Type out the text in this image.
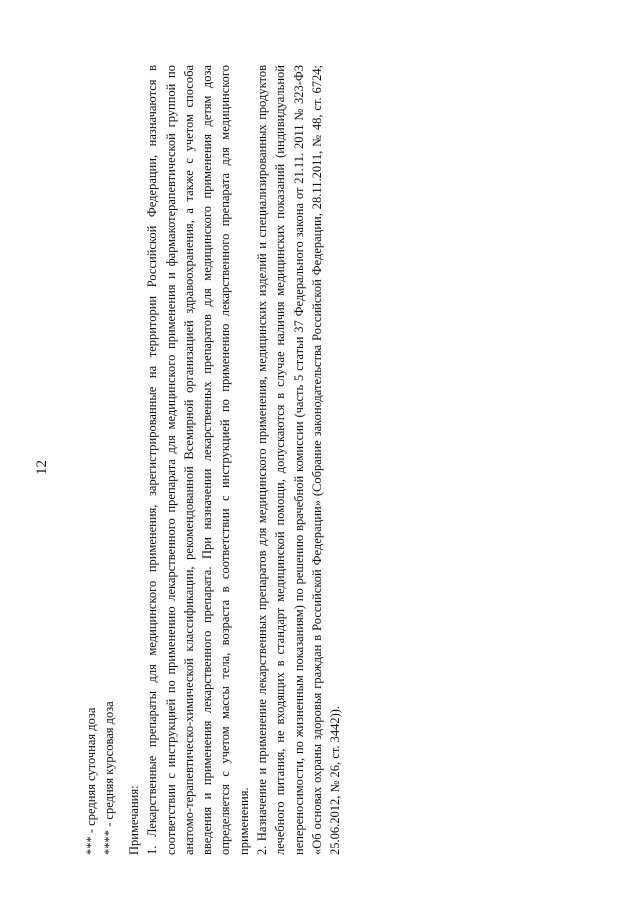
12
*** - средняя суточная доза **** - средняя курсовая доза Примечания: 1. Лекарственные препараты для медицинского применения, зарегистрированные на территории Российской Федерации, назначаются в соответствии с инструкцией по применению лекарственного препарата для медицинского применения и фармакотерапевтической группой по анатомо-терапевтическо-химической классификации, рекомендованной Всемирной организацией здравоохранения, а также с учетом способа введения и применения лекарственного препарата. При назначении лекарственных препаратов для медицинского применения детям доза определяется с учетом массы тела, возраста в соответствии с инструкцией по применению лекарственного препарата для медицинского применения. 2. Назначение и применение лекарственных препаратов для медицинского применения, медицинских изделий и специализированных продуктов лечебного питания, не входящих в стандарт медицинской помощи, допускаются в случае наличия медицинских показаний (индивидуальной непереносимости, по жизненным показаниям) по решению врачебной комиссии (часть 5 статьи 37 Федерального закона от 21.11. 2011 № 323-ФЗ «Об основах охраны здоровья граждан в Российской Федерации» (Собрание законодательства Российской Федерации, 28.11.2011, № 48, ст. 6724; 25.06.2012, № 26, ст. 3442)).
